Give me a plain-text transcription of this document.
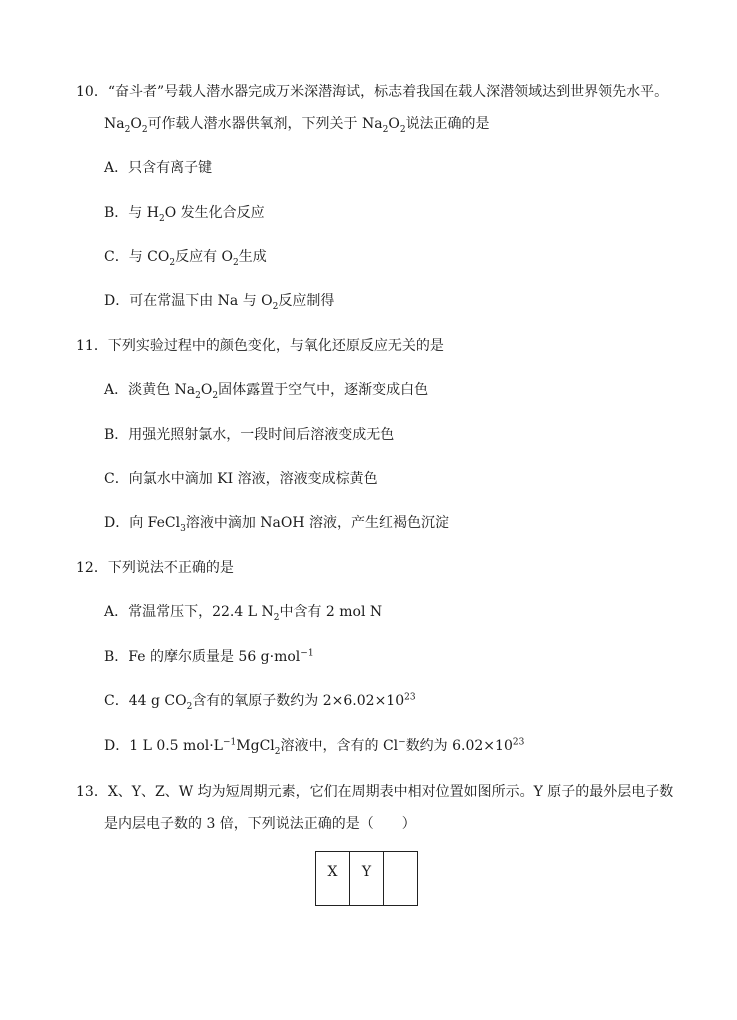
10．“奋斗者”号载人潜水器完成万米深潜海试，标志着我国在载人深潜领域达到世界领先水平。
$Na_2O_2$可作载人潜水器供氧剂，下列关于 $Na_2O_2$说法正确的是
A．只含有离子键
B．与 $H_2O$ 发生化合反应
C．与 $CO_2$反应有 $O_2$生成
D．可在常温下由 Na 与 $O_2$反应制得
11．下列实验过程中的颜色变化，与氧化还原反应无关的是
A．淡黄色 $Na_2O_2$固体露置于空气中，逐渐变成白色
B．用强光照射氯水，一段时间后溶液变成无色
C．向氯水中滴加 KI 溶液，溶液变成棕黄色
D．向 FeCl$_3$溶液中滴加 NaOH 溶液，产生红褐色沉淀
12．下列说法不正确的是
A．常温常压下，22.4 L $N_2$中含有 2 mol N
B．Fe 的摩尔质量是 56 g·mol$^{-1}$
C．44 g $CO_2$含有的氧原子数约为 $2\times 6.02\times 10^{23}$
D．1 L 0.5 $mol\cdot L^{-1}MgCl_2$溶液中，含有的 Cl−数约为 $6.02\times 10^{23}$
13．X、Y、Z、W 均为短周期元素，它们在周期表中相对位置如图所示。Y 原子的最外层电子数
是内层电子数的 3 倍，下列说法正确的是（　　）
X	Y	
